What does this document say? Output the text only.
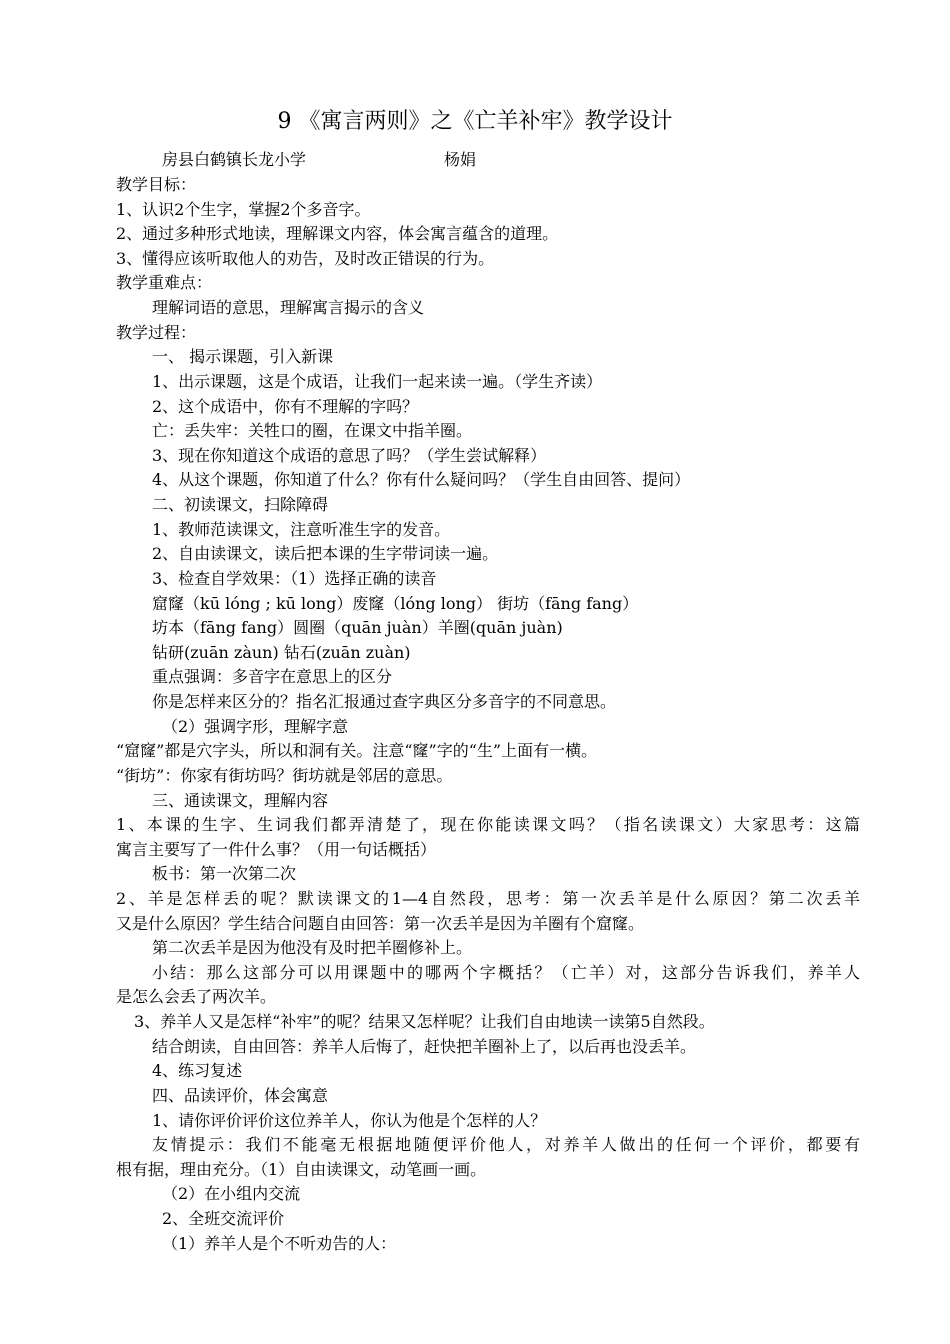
9 《寓言两则》之《亡羊补牢》教学设计
房县白鹤镇长龙小学	杨娟
教学目标：
1、认识2个生字，掌握2个多音字。
2、通过多种形式地读，理解课文内容，体会寓言蕴含的道理。
3、懂得应该听取他人的劝告，及时改正错误的行为。
教学重难点：
理解词语的意思，理解寓言揭示的含义
教学过程：
一、 揭示课题，引入新课
1、出示课题，这是个成语，让我们一起来读一遍。（学生齐读）
2、这个成语中，你有不理解的字吗？
亡：丢失牢：关牲口的圈，在课文中指羊圈。
3、现在你知道这个成语的意思了吗？（学生尝试解释）
4、从这个课题，你知道了什么？你有什么疑问吗？（学生自由回答、提问）
二、初读课文，扫除障碍
1、教师范读课文，注意听准生字的发音。
2、自由读课文，读后把本课的生字带词读一遍。
3、检查自学效果：（1）选择正确的读音
窟窿（kū lóng ; kū long）废窿（lóng long） 街坊（fāng fang）
坊本（fāng fang）圆圈（quān juàn）羊圈(quān juàn)
钻研(zuān zàun) 钻石(zuān zuàn)
重点强调：多音字在意思上的区分
你是怎样来区分的？指名汇报通过查字典区分多音字的不同意思。
（2）强调字形，理解字意
“窟窿”都是穴字头，所以和洞有关。注意“窿”字的“生”上面有一横。
“街坊”：你家有街坊吗？街坊就是邻居的意思。
三、通读课文，理解内容
1、本课的生字、生词我们都弄清楚了，现在你能读课文吗？（指名读课文）大家思考：这篇
寓言主要写了一件什么事？（用一句话概括）
板书：第一次第二次
2、羊是怎样丢的呢？默读课文的1—4自然段，思考：第一次丢羊是什么原因？第二次丢羊
又是什么原因？学生结合问题自由回答：第一次丢羊是因为羊圈有个窟窿。
第二次丢羊是因为他没有及时把羊圈修补上。
小结：那么这部分可以用课题中的哪两个字概括？（亡羊）对，这部分告诉我们，养羊人
是怎么会丢了两次羊。
3、养羊人又是怎样“补牢”的呢？结果又怎样呢？让我们自由地读一读第5自然段。
结合朗读，自由回答：养羊人后悔了，赶快把羊圈补上了，以后再也没丢羊。
4、练习复述
四、品读评价，体会寓意
1、请你评价评价这位养羊人，你认为他是个怎样的人？
友情提示：我们不能毫无根据地随便评价他人，对养羊人做出的任何一个评价，都要有
根有据，理由充分。（1）自由读课文，动笔画一画。
（2）在小组内交流
2、全班交流评价
（1）养羊人是个不听劝告的人：
